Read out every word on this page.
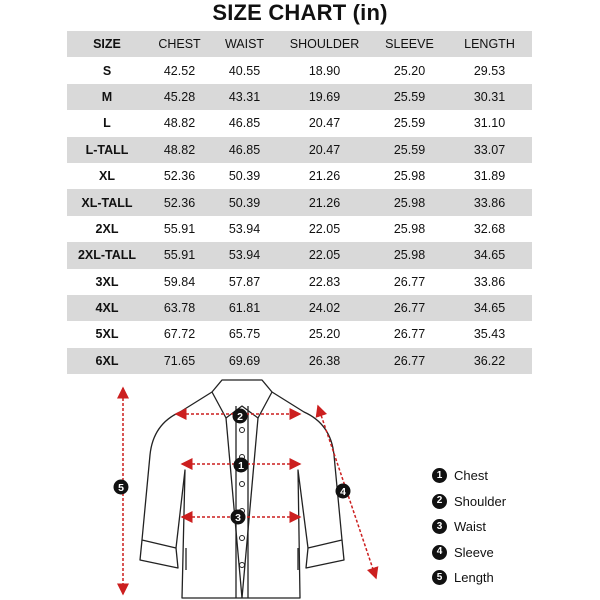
SIZE CHART (in)
SIZE	CHEST	WAIST	SHOULDER	SLEEVE	LENGTH
S	42.52	40.55	18.90	25.20	29.53
M	45.28	43.31	19.69	25.59	30.31
L	48.82	46.85	20.47	25.59	31.10
L-TALL	48.82	46.85	20.47	25.59	33.07
XL	52.36	50.39	21.26	25.98	31.89
XL-TALL	52.36	50.39	21.26	25.98	33.86
2XL	55.91	53.94	22.05	25.98	32.68
2XL-TALL	55.91	53.94	22.05	25.98	34.65
3XL	59.84	57.87	22.83	26.77	33.86
4XL	63.78	61.81	24.02	26.77	34.65
5XL	67.72	65.75	25.20	26.77	35.43
6XL	71.65	69.69	26.38	26.77	36.22
1
2
3
4
5
1 Chest
2 Shoulder
3 Waist
4 Sleeve
5 Length
